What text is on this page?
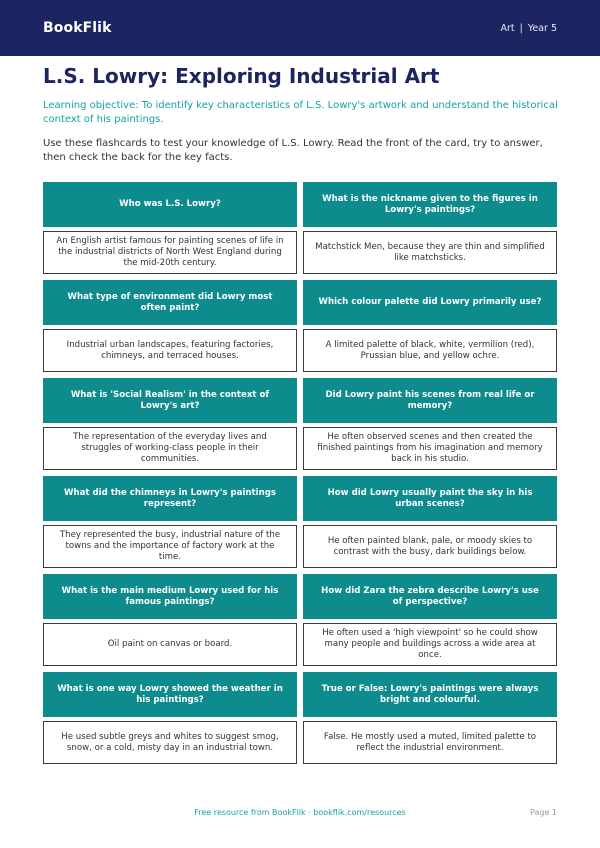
BookFlik	Art | Year 5
L.S. Lowry: Exploring Industrial Art

Learning objective: To identify key characteristics of L.S. Lowry's artwork and understand the historical context of his paintings.

Use these flashcards to test your knowledge of L.S. Lowry. Read the front of the card, try to answer, then check the back for the key facts.

Who was L.S. Lowry?
An English artist famous for painting scenes of life in the industrial districts of North West England during the mid-20th century.
What is the nickname given to the figures in Lowry's paintings?
Matchstick Men, because they are thin and simplified like matchsticks.
What type of environment did Lowry most often paint?
Industrial urban landscapes, featuring factories, chimneys, and terraced houses.
Which colour palette did Lowry primarily use?
A limited palette of black, white, vermilion (red), Prussian blue, and yellow ochre.
What is 'Social Realism' in the context of Lowry's art?
The representation of the everyday lives and struggles of working-class people in their communities.
Did Lowry paint his scenes from real life or memory?
He often observed scenes and then created the finished paintings from his imagination and memory back in his studio.
What did the chimneys in Lowry's paintings represent?
They represented the busy, industrial nature of the towns and the importance of factory work at the time.
How did Lowry usually paint the sky in his urban scenes?
He often painted blank, pale, or moody skies to contrast with the busy, dark buildings below.
What is the main medium Lowry used for his famous paintings?
Oil paint on canvas or board.
How did Zara the zebra describe Lowry's use of perspective?
He often used a 'high viewpoint' so he could show many people and buildings across a wide area at once.
What is one way Lowry showed the weather in his paintings?
He used subtle greys and whites to suggest smog, snow, or a cold, misty day in an industrial town.
True or False: Lowry's paintings were always bright and colourful.
False. He mostly used a muted, limited palette to reflect the industrial environment.
Free resource from BookFlik · bookflik.com/resources	Page 1
